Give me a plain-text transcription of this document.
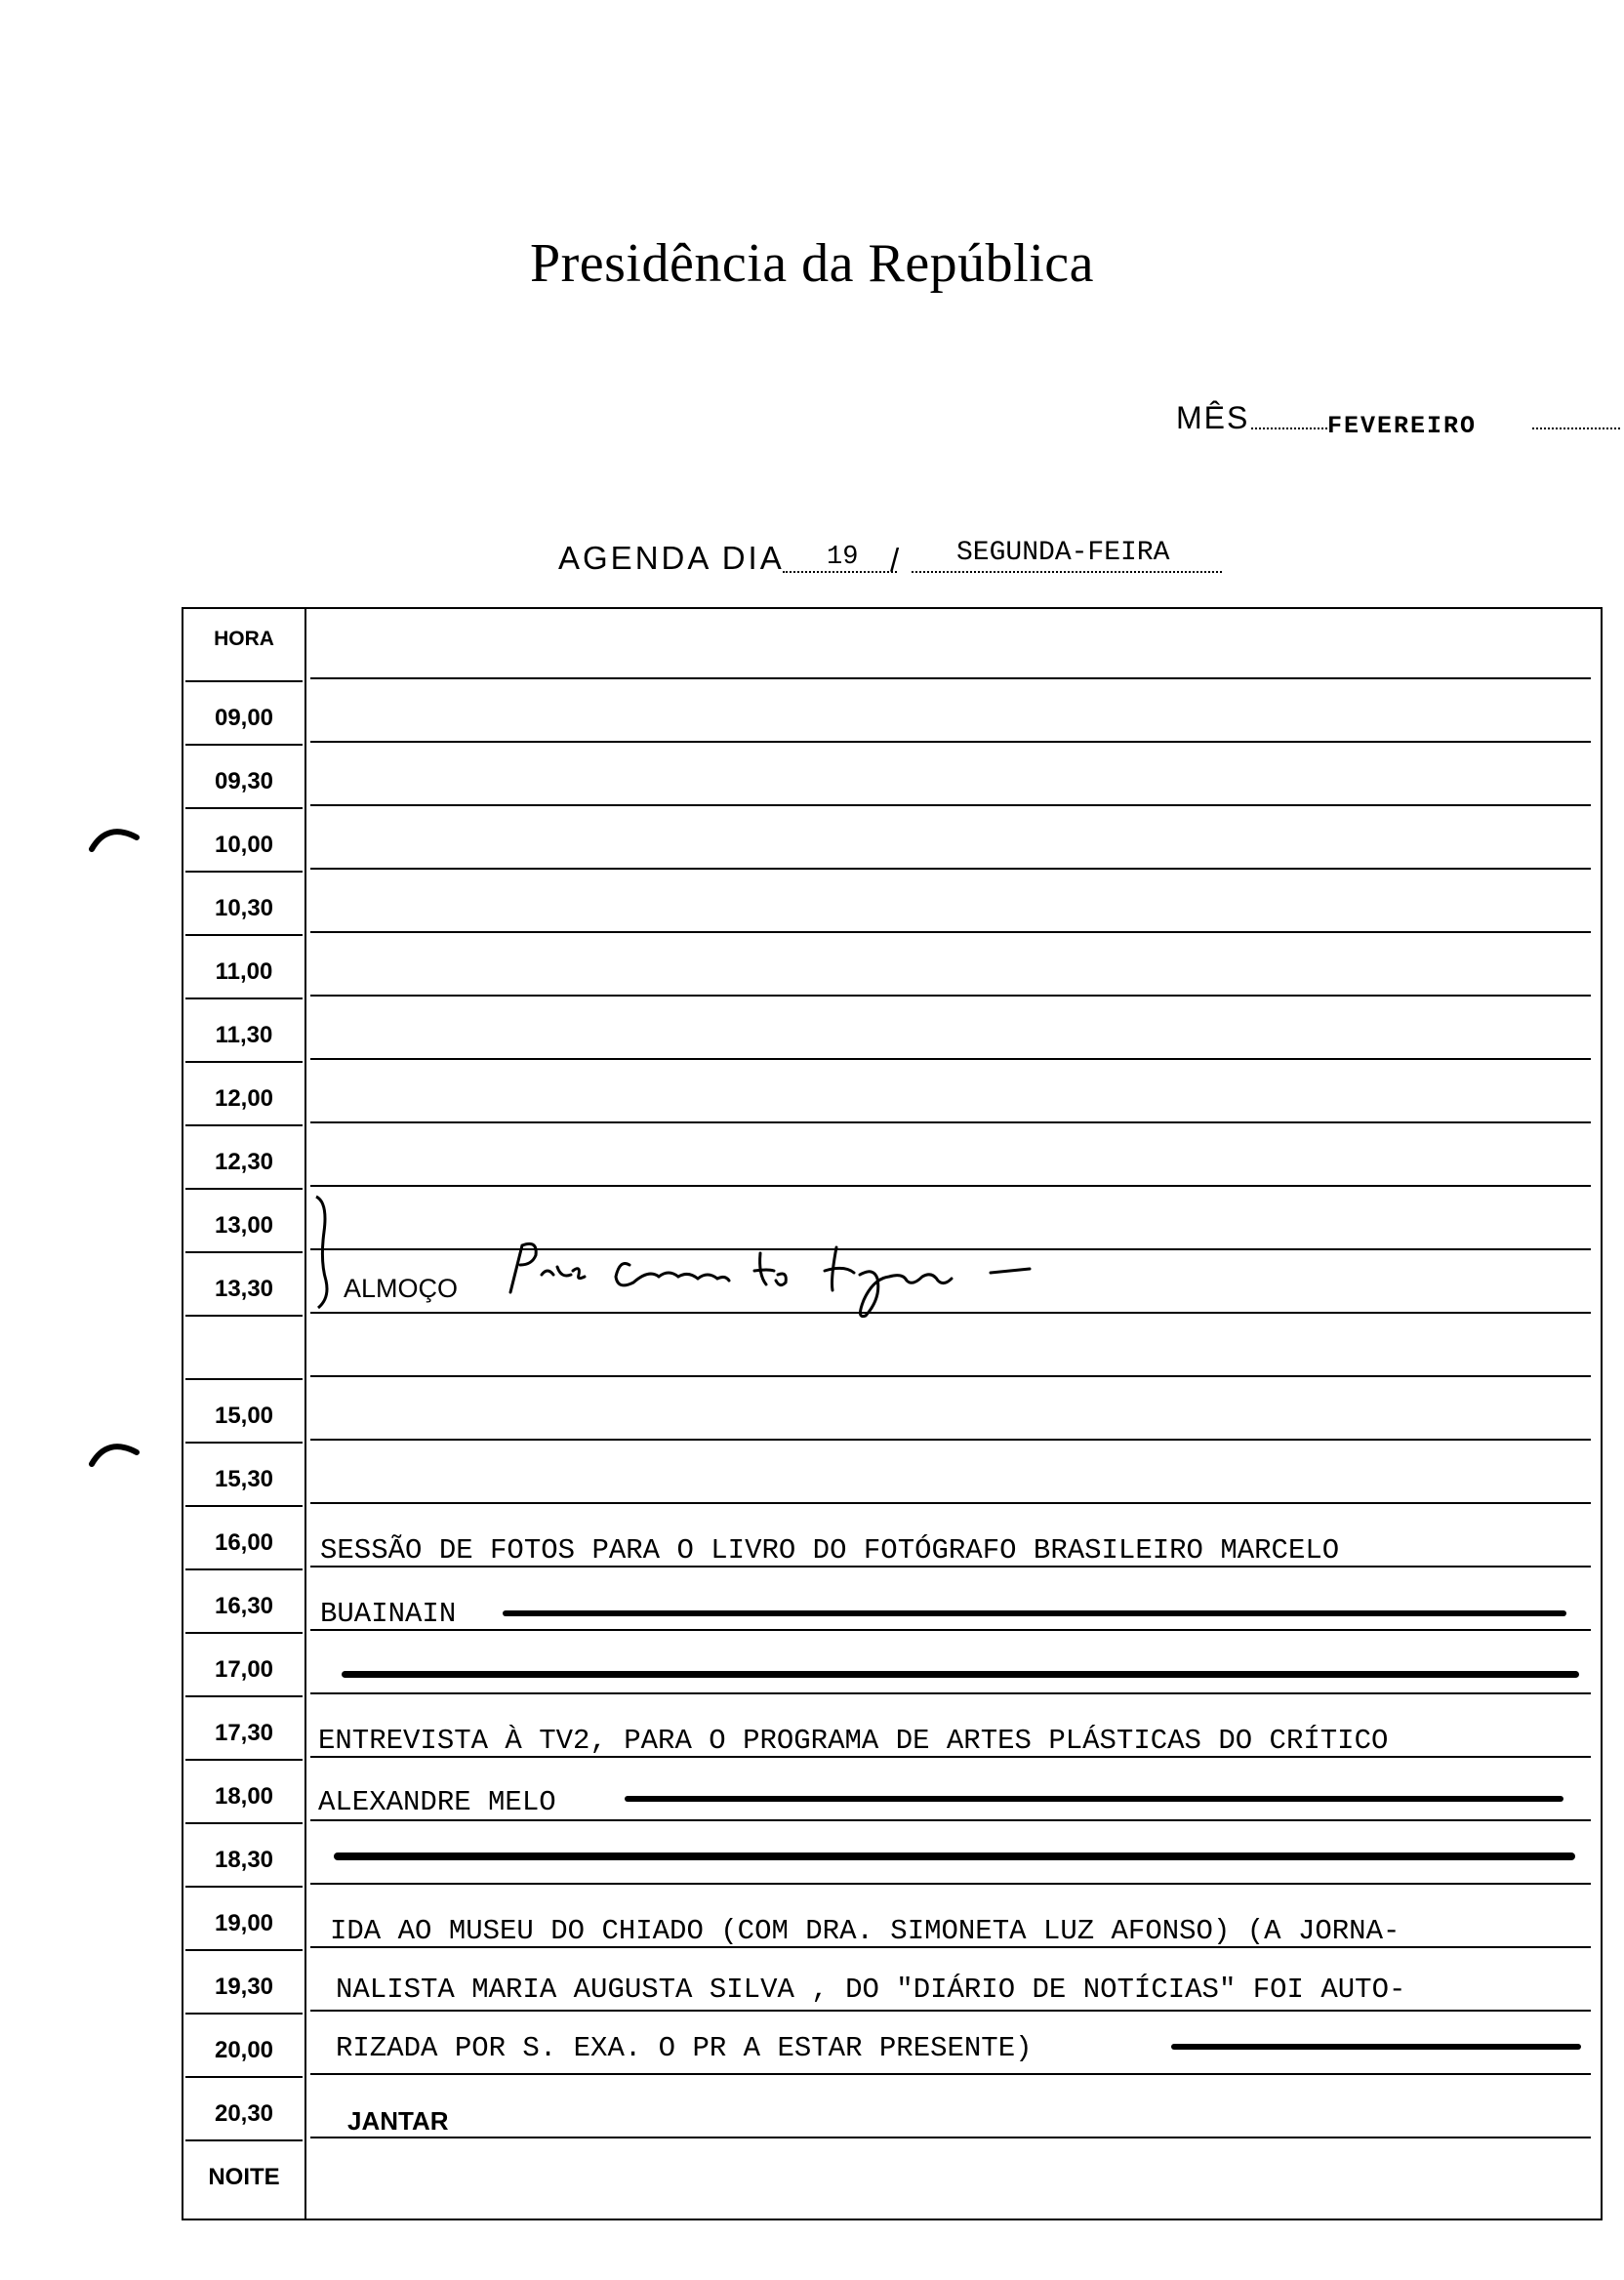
Presidência da República
MÊS	FEVEREIRO
AGENDA DIA 19 / SEGUNDA-FEIRA
HORA
09,00
09,30
10,00
10,30
11,00
11,30
12,00
12,30
13,00
13,30
15,00
15,30
16,00
16,30
17,00
17,30
18,00
18,30
19,00
19,30
20,00
20,30
NOITE
ALMOÇO
SESSÃO DE FOTOS PARA O LIVRO DO FOTÓGRAFO BRASILEIRO MARCELO
BUAINAIN
ENTREVISTA À TV2, PARA O PROGRAMA DE ARTES PLÁSTICAS DO CRÍTICO
ALEXANDRE MELO
IDA AO MUSEU DO CHIADO (COM DRA. SIMONETA LUZ AFONSO) (A JORNA-
NALISTA MARIA AUGUSTA SILVA , DO "DIÁRIO DE NOTÍCIAS" FOI AUTO-
RIZADA POR S. EXA. O PR A ESTAR PRESENTE)
JANTAR
